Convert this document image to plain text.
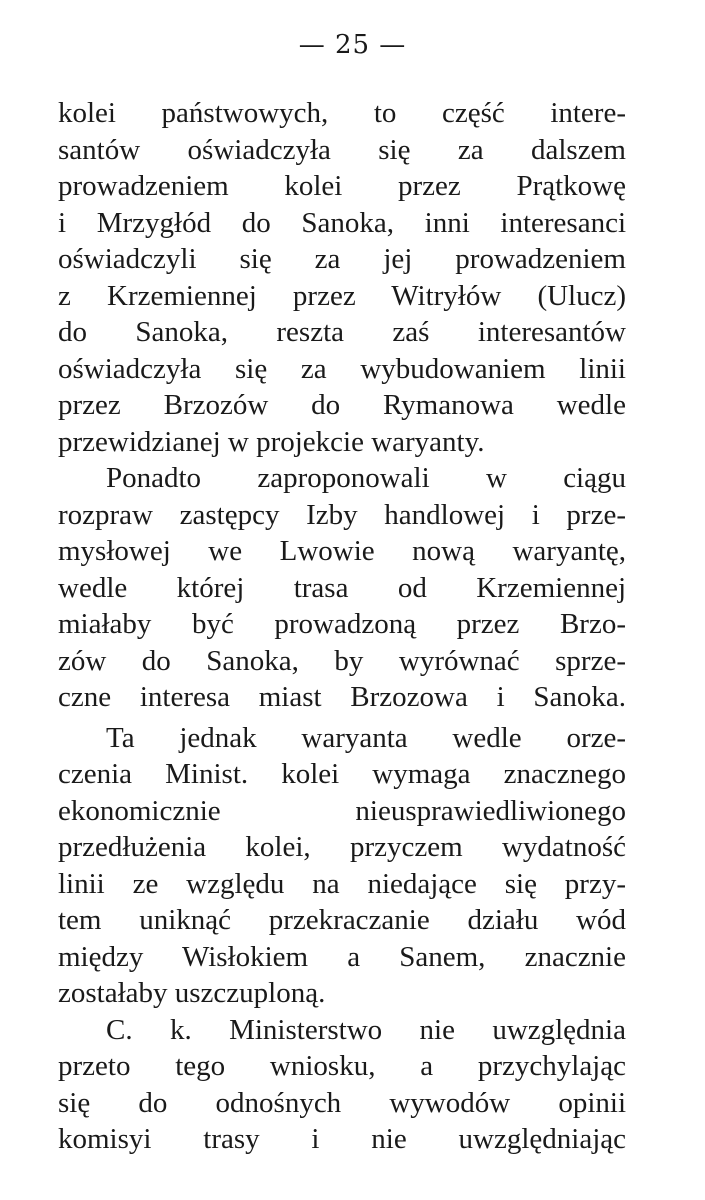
— 25 —
kolei państwowych, to część intere-
santów oświadczyła się za dalszem
prowadzeniem kolei przez Prątkowę
i Mrzygłód do Sanoka, inni interesanci
oświadczyli się za jej prowadzeniem
z Krzemiennej przez Witryłów (Ulucz)
do Sanoka, reszta zaś interesantów
oświadczyła się za wybudowaniem linii
przez Brzozów do Rymanowa wedle
przewidzianej w projekcie waryanty.
Ponadto zaproponowali w ciągu
rozpraw zastępcy Izby handlowej i prze-
mysłowej we Lwowie nową waryantę,
wedle której trasa od Krzemiennej
miałaby być prowadzoną przez Brzo-
zów do Sanoka, by wyrównać sprze-
czne interesa miast Brzozowa i Sanoka.
Ta jednak waryanta wedle orze-
czenia Minist. kolei wymaga znacznego
ekonomicznie nieusprawiedliwionego
przedłużenia kolei, przyczem wydatność
linii ze względu na niedające się przy-
tem uniknąć przekraczanie działu wód
między Wisłokiem a Sanem, znacznie
zostałaby uszczuploną.
C. k. Ministerstwo nie uwzględnia
przeto tego wniosku, a przychylając
się do odnośnych wywodów opinii
komisyi trasy i nie uwzględniając
